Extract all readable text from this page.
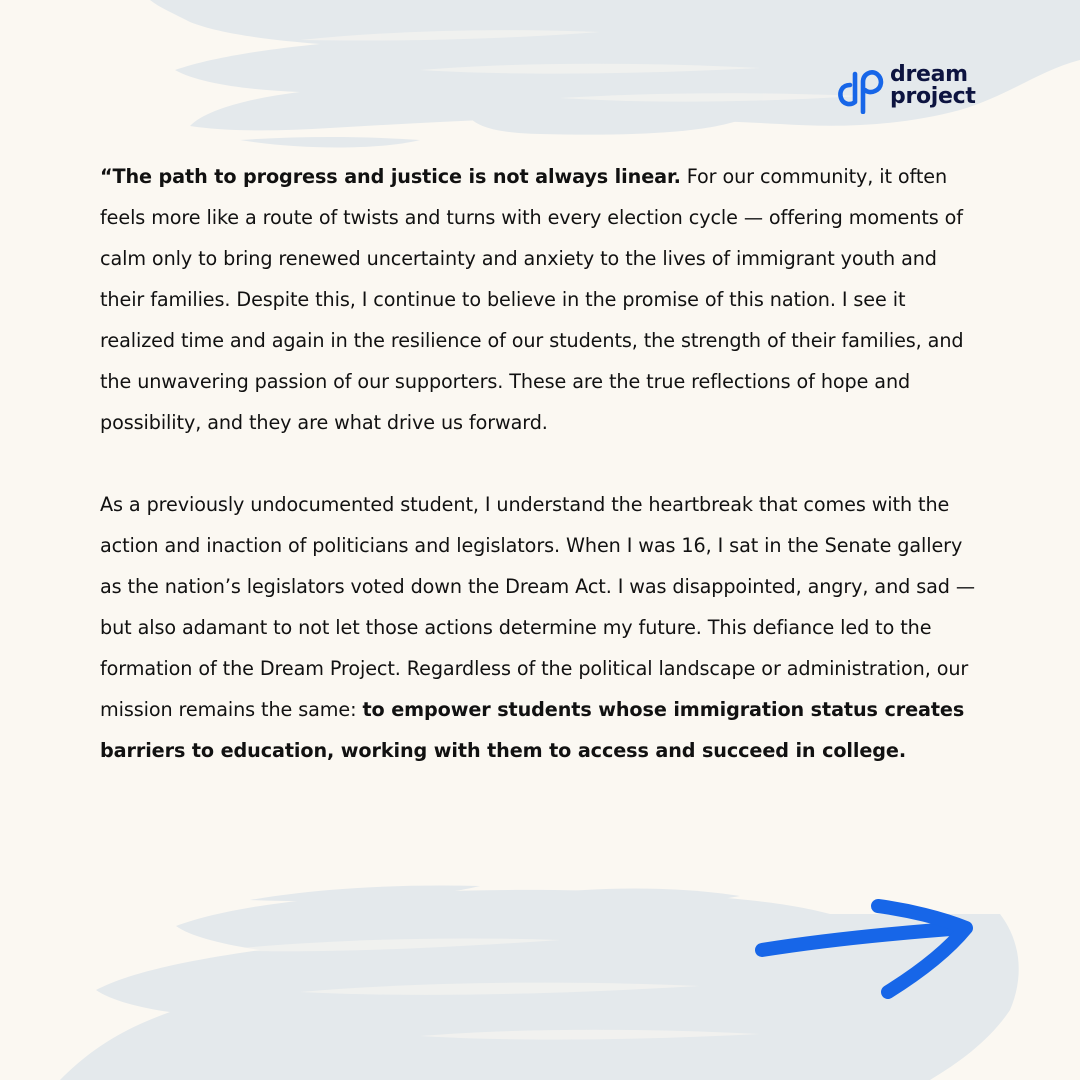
dream
project

“The path to progress and justice is not always linear. For our community, it often feels more like a route of twists and turns with every election cycle — offering moments of calm only to bring renewed uncertainty and anxiety to the lives of immigrant youth and their families. Despite this, I continue to believe in the promise of this nation. I see it realized time and again in the resilience of our students, the strength of their families, and the unwavering passion of our supporters. These are the true reflections of hope and possibility, and they are what drive us forward.

As a previously undocumented student, I understand the heartbreak that comes with the action and inaction of politicians and legislators. When I was 16, I sat in the Senate gallery as the nation’s legislators voted down the Dream Act. I was disappointed, angry, and sad — but also adamant to not let those actions determine my future. This defiance led to the formation of the Dream Project. Regardless of the political landscape or administration, our mission remains the same: to empower students whose immigration status creates barriers to education, working with them to access and succeed in college.
